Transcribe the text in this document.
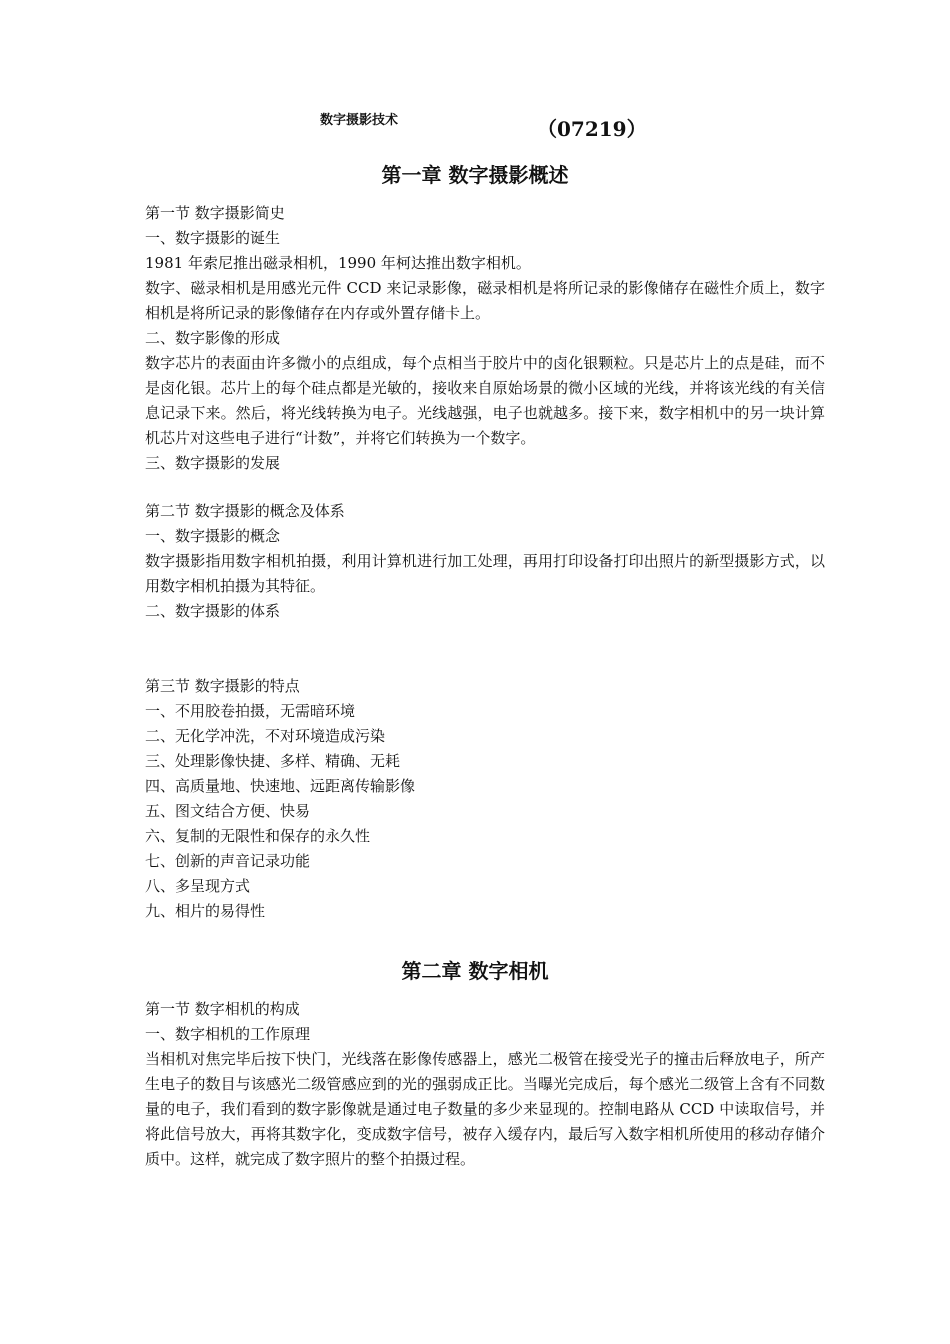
数字摄影技术	（07219）
第一章 数字摄影概述

第一节 数字摄影简史

一、数字摄影的诞生

1981 年索尼推出磁录相机，1990 年柯达推出数字相机。

数字、磁录相机是用感光元件 CCD 来记录影像，磁录相机是将所记录的影像储存在磁性介质上，数字相机是将所记录的影像储存在内存或外置存储卡上。

二、数字影像的形成

数字芯片的表面由许多微小的点组成，每个点相当于胶片中的卤化银颗粒。只是芯片上的点是硅，而不是卤化银。芯片上的每个硅点都是光敏的，接收来自原始场景的微小区域的光线，并将该光线的有关信息记录下来。然后，将光线转换为电子。光线越强，电子也就越多。接下来，数字相机中的另一块计算机芯片对这些电子进行“计数”，并将它们转换为一个数字。

三、数字摄影的发展

第二节 数字摄影的概念及体系

一、数字摄影的概念

数字摄影指用数字相机拍摄，利用计算机进行加工处理，再用打印设备打印出照片的新型摄影方式，以用数字相机拍摄为其特征。

二、数字摄影的体系

第三节 数字摄影的特点

一、不用胶卷拍摄，无需暗环境

二、无化学冲洗，不对环境造成污染

三、处理影像快捷、多样、精确、无耗

四、高质量地、快速地、远距离传输影像

五、图文结合方便、快易

六、复制的无限性和保存的永久性

七、创新的声音记录功能

八、多呈现方式

九、相片的易得性

第二章 数字相机

第一节 数字相机的构成

一、数字相机的工作原理

当相机对焦完毕后按下快门，光线落在影像传感器上，感光二极管在接受光子的撞击后释放电子，所产生电子的数目与该感光二级管感应到的光的强弱成正比。当曝光完成后，每个感光二级管上含有不同数量的电子，我们看到的数字影像就是通过电子数量的多少来显现的。控制电路从 CCD 中读取信号，并将此信号放大，再将其数字化，变成数字信号，被存入缓存内，最后写入数字相机所使用的移动存储介质中。这样，就完成了数字照片的整个拍摄过程。
